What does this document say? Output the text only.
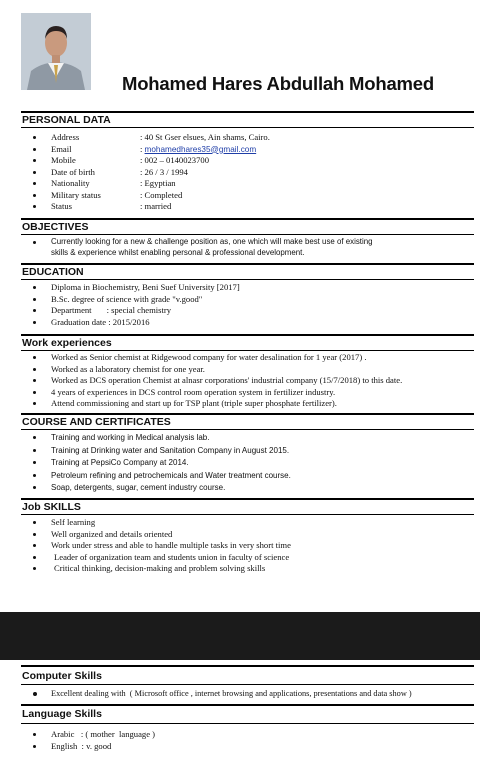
Mohamed Hares Abdullah Mohamed
PERSONAL DATA
Address	: 40 St Gser elsues, Ain shams, Cairo.
Email	: mohamedhares35@gmail.com
Mobile	: 002 – 0140023700
Date of birth	: 26 / 3 / 1994
Nationality	: Egyptian
Military status	: Completed
Status	: married
OBJECTIVES
Currently looking for a new & challenge position as, one which will make best use of existing
skills & experience whilst enabling personal & professional development.
EDUCATION
Diploma in Biochemistry, Beni Suef University [2017]
B.Sc. degree of science with grade "v.good"
Department       : special chemistry
Graduation date : 2015/2016
Work experiences
Worked as Senior chemist at Ridgewood company for water desalination for 1 year (2017) .
Worked as a laboratory chemist for one year.
Worked as DCS operation Chemist at alnasr corporations' industrial company (15/7/2018) to this date.
4 years of experiences in DCS control room operation system in fertilizer industry.
Attend commissioning and start up for TSP plant (triple super phosphate fertilizer).
COURSE AND CERTIFICATES
Training and working in Medical analysis lab.
Training at Drinking water and Sanitation Company in August 2015.
Training at PepsiCo Company at 2014.
Petroleum refining and petrochemicals and Water treatment course.
Soap, detergents, sugar, cement industry course.
Job SKILLS
Self learning
Well organized and details oriented
Work under stress and able to handle multiple tasks in very short time
Leader of organization team and students union in faculty of science
Critical thinking, decision-making and problem solving skills
Computer Skills
Excellent dealing with  ( Microsoft office , internet browsing and applications, presentations and data show )
Language Skills
Arabic   : ( mother  language )
English  : v. good
